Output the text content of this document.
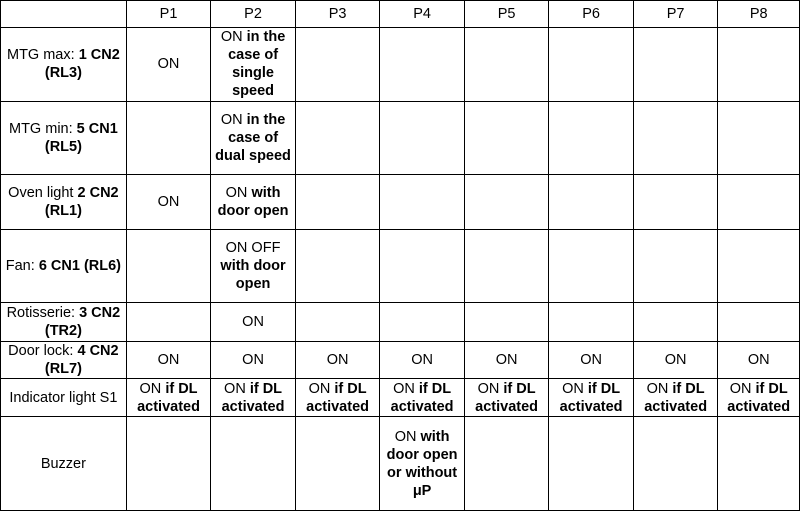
	P1	P2	P3	P4	P5	P6	P7	P8
MTG max: 1 CN2 (RL3)	ON	ON in the case of single speed						
MTG min: 5 CN1 (RL5)		ON in the case of dual speed						
Oven light 2 CN2 (RL1)	ON	ON with door open						
Fan: 6 CN1 (RL6)		ON OFF with door open						
Rotisserie: 3 CN2 (TR2)		ON						
Door lock: 4 CN2 (RL7)	ON	ON	ON	ON	ON	ON	ON	ON
Indicator light S1	ON if DL activated	ON if DL activated	ON if DL activated	ON if DL activated	ON if DL activated	ON if DL activated	ON if DL activated	ON if DL activated
Buzzer				ON with door open or without μP				
